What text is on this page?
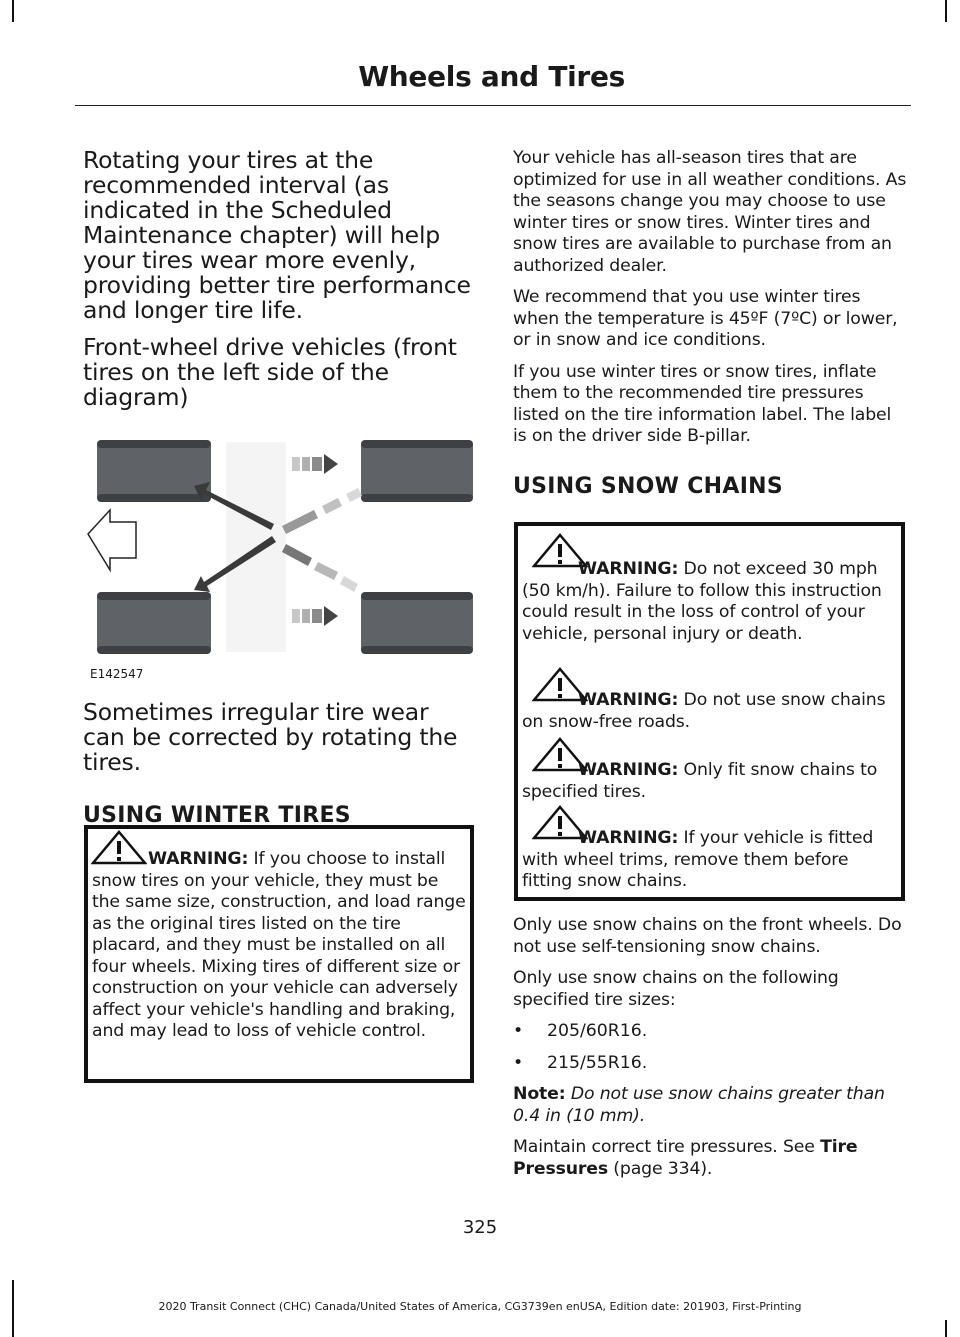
Wheels and Tires

Rotating your tires at the recommended interval (as indicated in the Scheduled Maintenance chapter) will help your tires wear more evenly, providing better tire performance and longer tire life.

Front-wheel drive vehicles (front tires on the left side of the diagram)

E142547

Sometimes irregular tire wear can be corrected by rotating the tires.

USING WINTER TIRES

WARNING: If you choose to install snow tires on your vehicle, they must be the same size, construction, and load range as the original tires listed on the tire placard, and they must be installed on all four wheels. Mixing tires of different size or construction on your vehicle can adversely affect your vehicle's handling and braking, and may lead to loss of vehicle control.

Your vehicle has all-season tires that are optimized for use in all weather conditions. As the seasons change you may choose to use winter tires or snow tires. Winter tires and snow tires are available to purchase from an authorized dealer.

We recommend that you use winter tires when the temperature is 45ºF (7ºC) or lower, or in snow and ice conditions.

If you use winter tires or snow tires, inflate them to the recommended tire pressures listed on the tire information label. The label is on the driver side B-pillar.

USING SNOW CHAINS

WARNING: Do not exceed 30 mph (50 km/h). Failure to follow this instruction could result in the loss of control of your vehicle, personal injury or death.

WARNING: Do not use snow chains on snow-free roads.

WARNING: Only fit snow chains to specified tires.

WARNING: If your vehicle is fitted with wheel trims, remove them before fitting snow chains.

Only use snow chains on the front wheels. Do not use self-tensioning snow chains.

Only use snow chains on the following specified tire sizes:

• 205/60R16.
• 215/55R16.

Note: Do not use snow chains greater than 0.4 in (10 mm).

Maintain correct tire pressures. See Tire Pressures (page 334).

325
2020 Transit Connect (CHC) Canada/United States of America, CG3739en enUSA, Edition date: 201903, First-Printing
